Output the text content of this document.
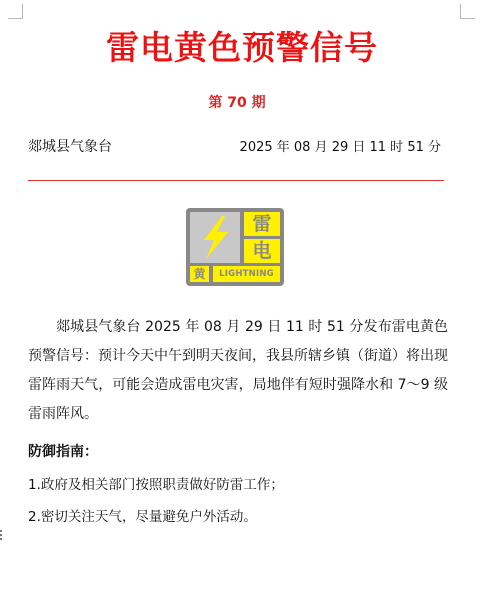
雷电黄色预警信号
第 70 期
郯城县气象台	2025 年 08 月 29 日 11 时 51 分
雷
电
黄	LIGHTNING
郯城县气象台 2025 年 08 月 29 日 11 时 51 分发布雷电黄色预警信号：预计今天中午到明天夜间，我县所辖乡镇（街道）将出现雷阵雨天气，可能会造成雷电灾害，局地伴有短时强降水和 7～9 级雷雨阵风。
防御指南：
1.政府及相关部门按照职责做好防雷工作；
2.密切关注天气，尽量避免户外活动。
